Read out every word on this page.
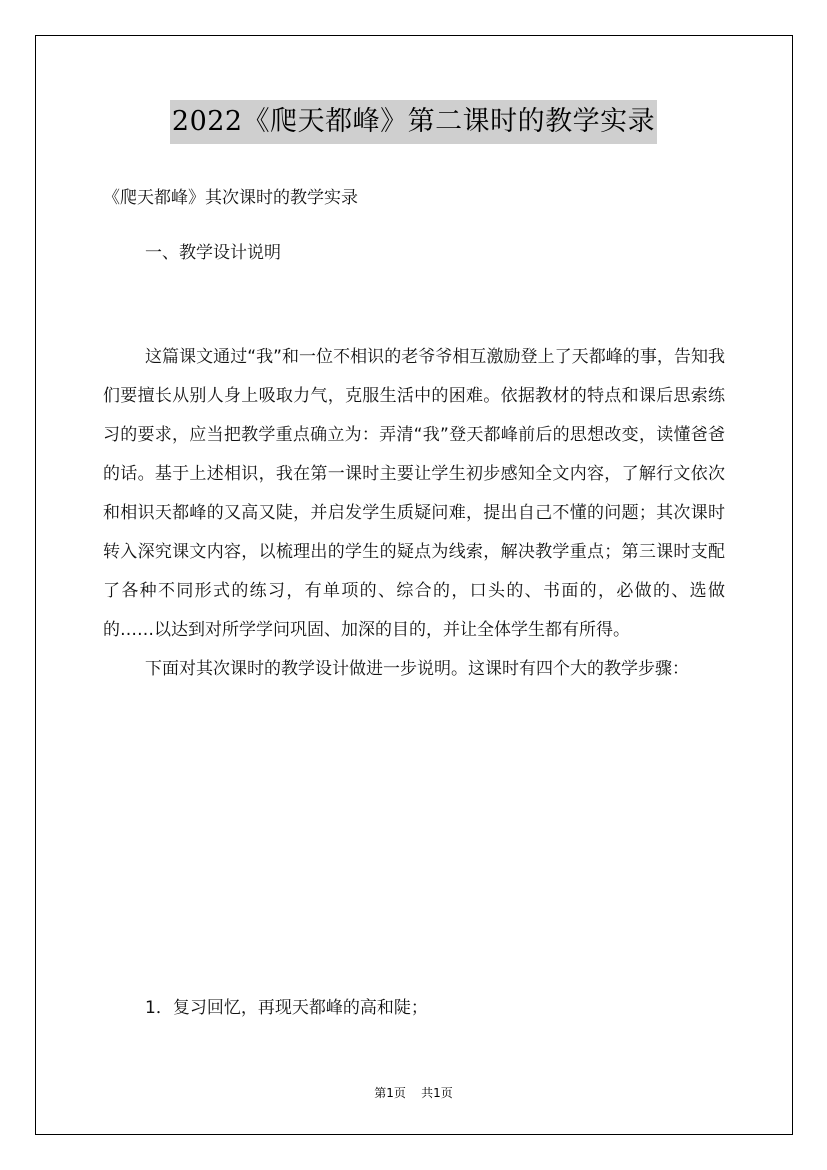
2022《爬天都峰》第二课时的教学实录
《爬天都峰》其次课时的教学实录
一、教学设计说明

这篇课文通过“我”和一位不相识的老爷爷相互激励登上了天都峰的事，告知我们要擅长从别人身上吸取力气，克服生活中的困难。依据教材的特点和课后思索练习的要求，应当把教学重点确立为：弄清“我”登天都峰前后的思想改变，读懂爸爸的话。基于上述相识，我在第一课时主要让学生初步感知全文内容，了解行文依次和相识天都峰的又高又陡，并启发学生质疑问难，提出自己不懂的问题；其次课时转入深究课文内容，以梳理出的学生的疑点为线索，解决教学重点；第三课时支配了各种不同形式的练习，有单项的、综合的，口头的、书面的，必做的、选做的……以达到对所学学问巩固、加深的目的，并让全体学生都有所得。

下面对其次课时的教学设计做进一步说明。这课时有四个大的教学步骤：

1．复习回忆，再现天都峰的高和陡；
第1页 共1页
